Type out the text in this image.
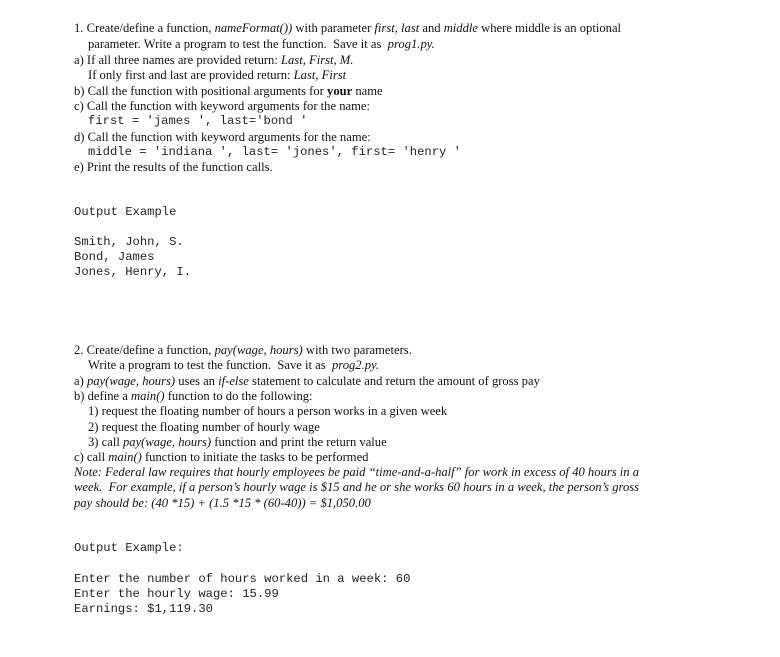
1. Create/define a function, nameFormat()) with parameter first, last and middle where middle is an optional
parameter. Write a program to test the function.  Save it as  prog1.py.
a) If all three names are provided return: Last, First, M.
If only first and last are provided return: Last, First
b) Call the function with positional arguments for your name
c) Call the function with keyword arguments for the name:
first = 'james ', last='bond '
d) Call the function with keyword arguments for the name:
middle = 'indiana ', last= 'jones', first= 'henry '
e) Print the results of the function calls.
Output Example
Smith, John, S.
Bond, James
Jones, Henry, I.
2. Create/define a function, pay(wage, hours) with two parameters.
Write a program to test the function.  Save it as  prog2.py.
a) pay(wage, hours) uses an if-else statement to calculate and return the amount of gross pay
b) define a main() function to do the following:
1) request the floating number of hours a person works in a given week
2) request the floating number of hourly wage
3) call pay(wage, hours) function and print the return value
c) call main() function to initiate the tasks to be performed
Note: Federal law requires that hourly employees be paid “time-and-a-half” for work in excess of 40 hours in a
week.  For example, if a person’s hourly wage is $15 and he or she works 60 hours in a week, the person’s gross
pay should be: (40 *15) + (1.5 *15 * (60-40)) = $1,050.00
Output Example:
Enter the number of hours worked in a week: 60
Enter the hourly wage: 15.99
Earnings: $1,119.30
